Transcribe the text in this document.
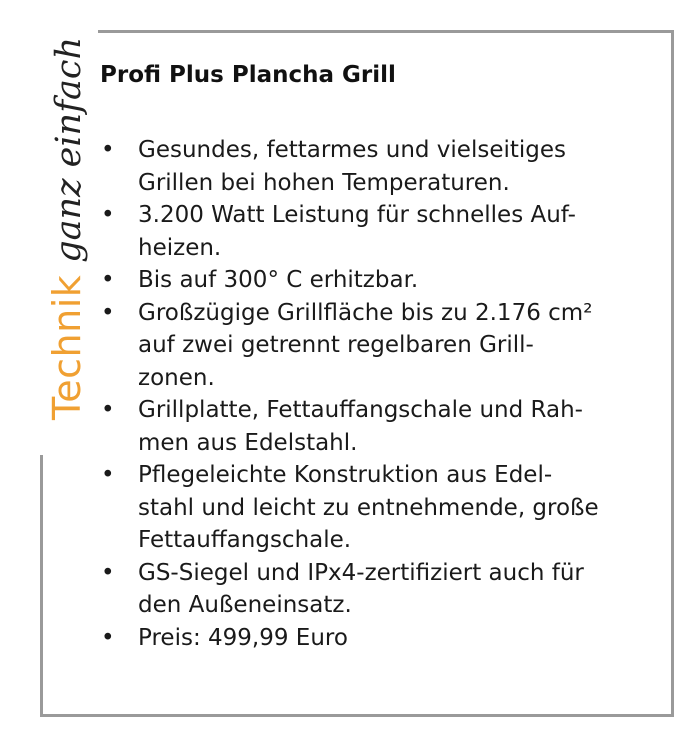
Technikganz einfach Profi Plus Plancha Grill
• Gesundes, fettarmes und vielseitiges
Grillen bei hohen Temperaturen.
• 3.200 Watt Leistung für schnelles Auf-
heizen.
• Bis auf 300° C erhitzbar.
• Großzügige Grillfläche bis zu 2.176 cm²
auf zwei getrennt regelbaren Grill-
zonen.
• Grillplatte, Fettauffangschale und Rah-
men aus Edelstahl.
• Pflegeleichte Konstruktion aus Edel-
stahl und leicht zu entnehmende, große
Fettauffangschale.
• GS-Siegel und IPx4-zertifiziert auch für
den Außeneinsatz.
• Preis: 499,99 Euro
